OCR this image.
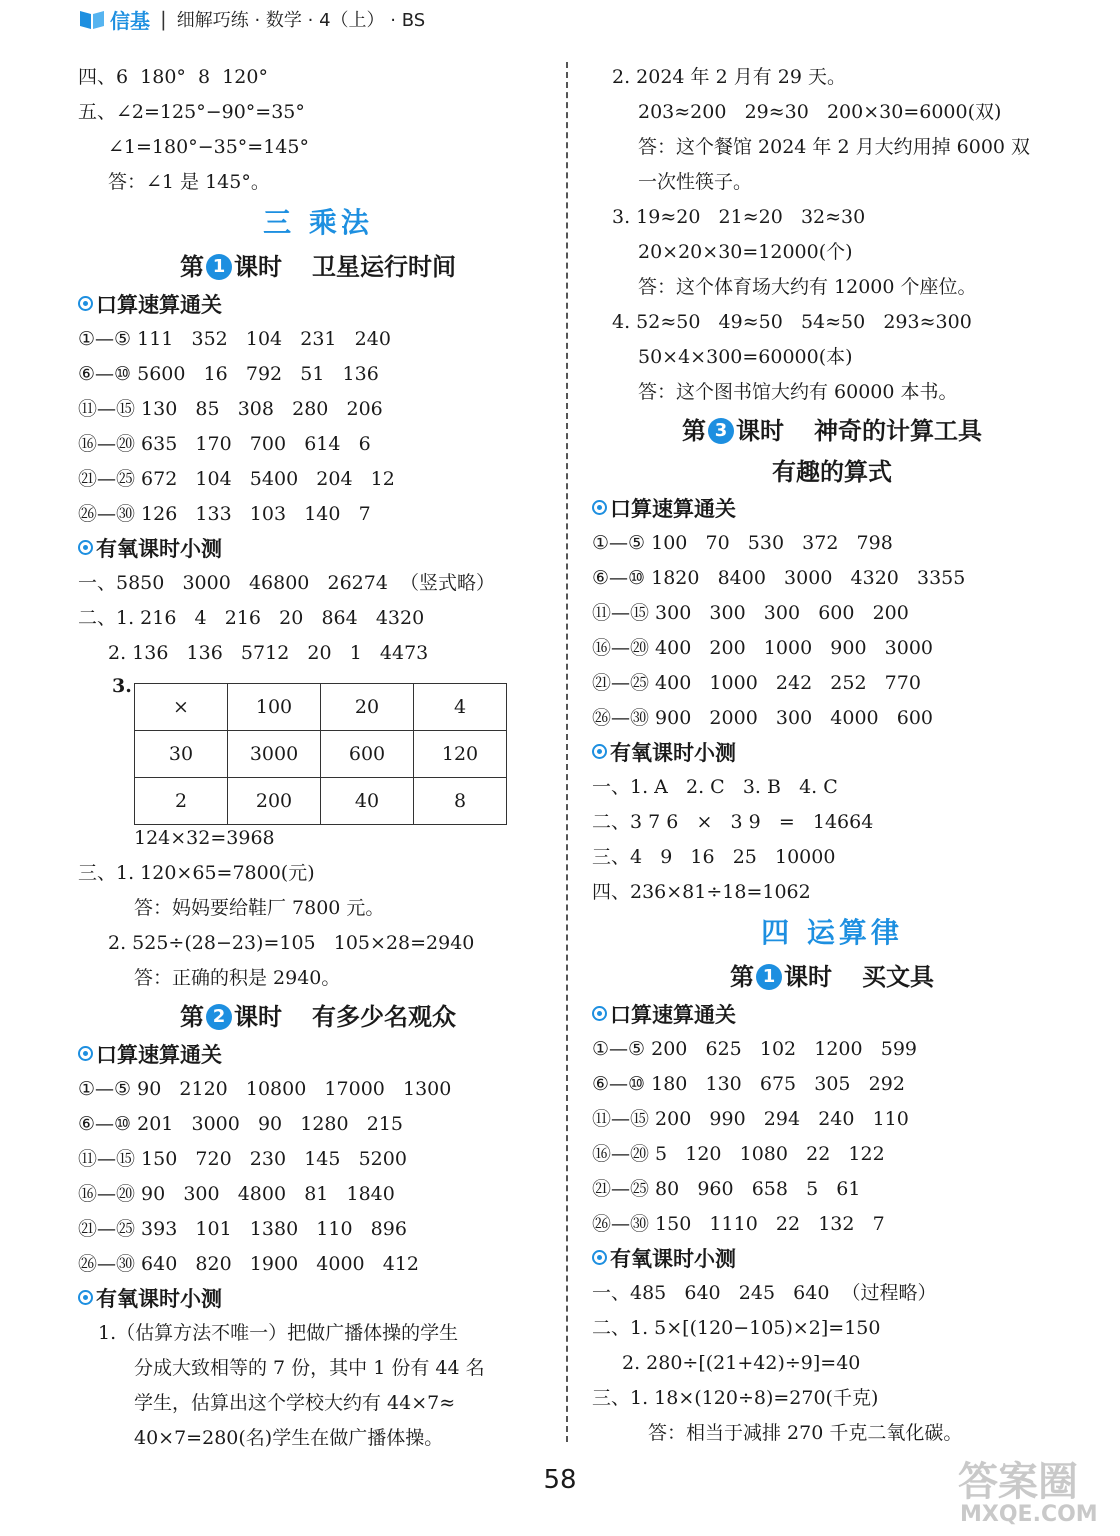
信基 | 细解巧练 · 数学 · 4（上） · BS
四、6  180°  8  120°
五、∠2=125°−90°=35°
∠1=180°−35°=145°
答：∠1 是 145°。
三 乘法
第 1 课时 卫星运行时间
口算速算通关
①—⑤ 111   352   104   231   240
⑥—⑩ 5600   16   792   51   136
⑪—⑮ 130   85   308   280   206
⑯—⑳ 635   170   700   614   6
㉑—㉕ 672   104   5400   204   12
㉖—㉚ 126   133   103   140   7
有氧课时小测
一、5850   3000   46800   26274  （竖式略）
二、1. 216   4   216   20   864   4320
2. 136   136   5712   20   1   4473
3.
×	100	20	4
30	3000	600	120
2	200	40	8
124×32=3968
三、1. 120×65=7800(元)
答：妈妈要给鞋厂 7800 元。
2. 525÷(28−23)=105   105×28=2940
答：正确的积是 2940。
第 2 课时 有多少名观众
口算速算通关
①—⑤ 90   2120   10800   17000   1300
⑥—⑩ 201   3000   90   1280   215
⑪—⑮ 150   720   230   145   5200
⑯—⑳ 90   300   4800   81   1840
㉑—㉕ 393   101   1380   110   896
㉖—㉚ 640   820   1900   4000   412
有氧课时小测
1.（估算方法不唯一）把做广播体操的学生
分成大致相等的 7 份，其中 1 份有 44 名
学生，估算出这个学校大约有 44×7≈
40×7=280(名)学生在做广播体操。
2. 2024 年 2 月有 29 天。
203≈200   29≈30   200×30=6000(双)
答：这个餐馆 2024 年 2 月大约用掉 6000 双
一次性筷子。
3. 19≈20   21≈20   32≈30
20×20×30=12000(个)
答：这个体育场大约有 12000 个座位。
4. 52≈50   49≈50   54≈50   293≈300
50×4×300=60000(本)
答：这个图书馆大约有 60000 本书。
第 3 课时 神奇的计算工具
有趣的算式
口算速算通关
①—⑤ 100   70   530   372   798
⑥—⑩ 1820   8400   3000   4320   3355
⑪—⑮ 300   300   300   600   200
⑯—⑳ 400   200   1000   900   3000
㉑—㉕ 400   1000   242   252   770
㉖—㉚ 900   2000   300   4000   600
有氧课时小测
一、1. A   2. C   3. B   4. C
二、3 7 6   ×   3 9   =   14664
三、4   9   16   25   10000
四、236×81÷18=1062
四 运算律
第 1 课时 买文具
口算速算通关
①—⑤ 200   625   102   1200   599
⑥—⑩ 180   130   675   305   292
⑪—⑮ 200   990   294   240   110
⑯—⑳ 5   120   1080   22   122
㉑—㉕ 80   960   658   5   61
㉖—㉚ 150   1110   22   132   7
有氧课时小测
一、485   640   245   640  （过程略）
二、1. 5×[(120−105)×2]=150
2. 280÷[(21+42)÷9]=40
三、1. 18×(120÷8)=270(千克)
答：相当于减排 270 千克二氧化碳。
58	答案圈
MXQE.COM
